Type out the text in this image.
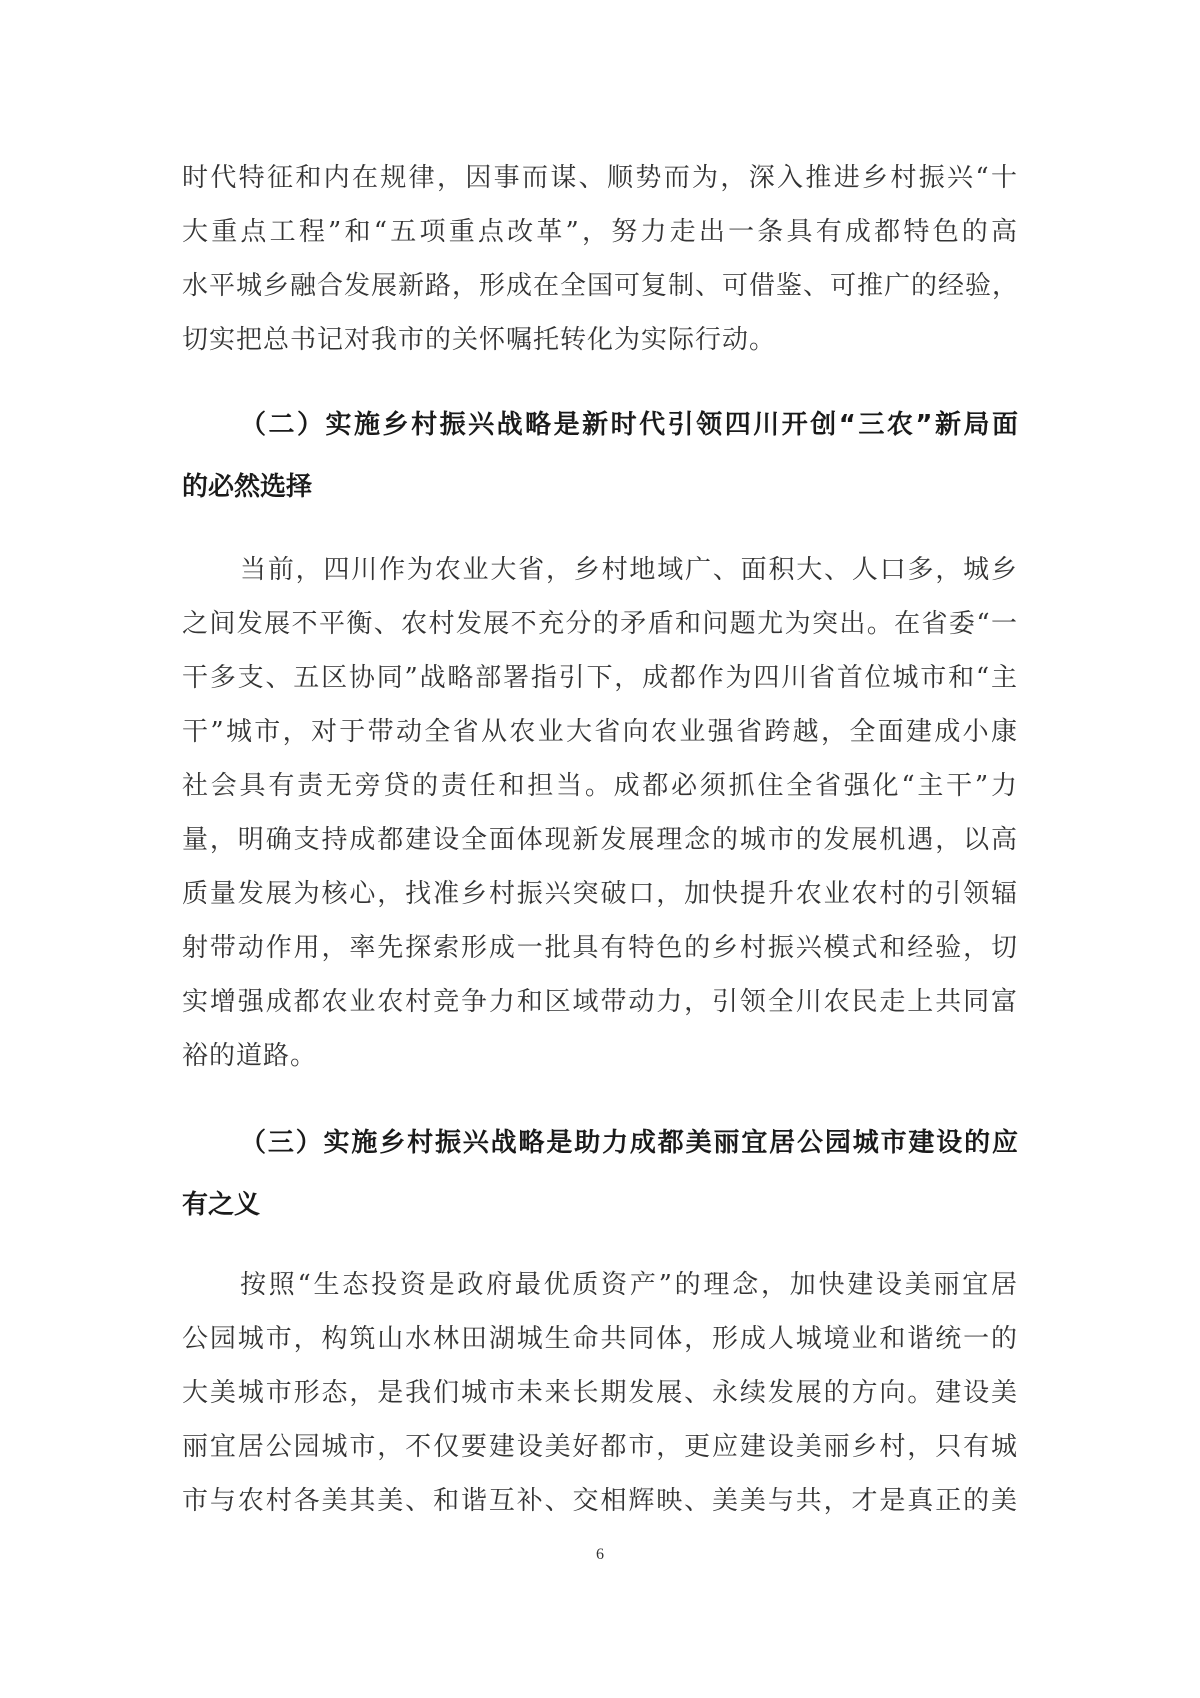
时代特征和内在规律，因事而谋、顺势而为，深入推进乡村振兴“十
大重点工程”和“五项重点改革”，努力走出一条具有成都特色的高
水平城乡融合发展新路，形成在全国可复制、可借鉴、可推广的经验，
切实把总书记对我市的关怀嘱托转化为实际行动。
（二）实施乡村振兴战略是新时代引领四川开创“三农”新局面
的必然选择
当前，四川作为农业大省，乡村地域广、面积大、人口多，城乡
之间发展不平衡、农村发展不充分的矛盾和问题尤为突出。在省委“一
干多支、五区协同”战略部署指引下，成都作为四川省首位城市和“主
干”城市，对于带动全省从农业大省向农业强省跨越，全面建成小康
社会具有责无旁贷的责任和担当。成都必须抓住全省强化“主干”力
量，明确支持成都建设全面体现新发展理念的城市的发展机遇，以高
质量发展为核心，找准乡村振兴突破口，加快提升农业农村的引领辐
射带动作用，率先探索形成一批具有特色的乡村振兴模式和经验，切
实增强成都农业农村竞争力和区域带动力，引领全川农民走上共同富
裕的道路。
（三）实施乡村振兴战略是助力成都美丽宜居公园城市建设的应
有之义
按照“生态投资是政府最优质资产”的理念，加快建设美丽宜居
公园城市，构筑山水林田湖城生命共同体，形成人城境业和谐统一的
大美城市形态，是我们城市未来长期发展、永续发展的方向。建设美
丽宜居公园城市，不仅要建设美好都市，更应建设美丽乡村，只有城
市与农村各美其美、和谐互补、交相辉映、美美与共，才是真正的美
6
